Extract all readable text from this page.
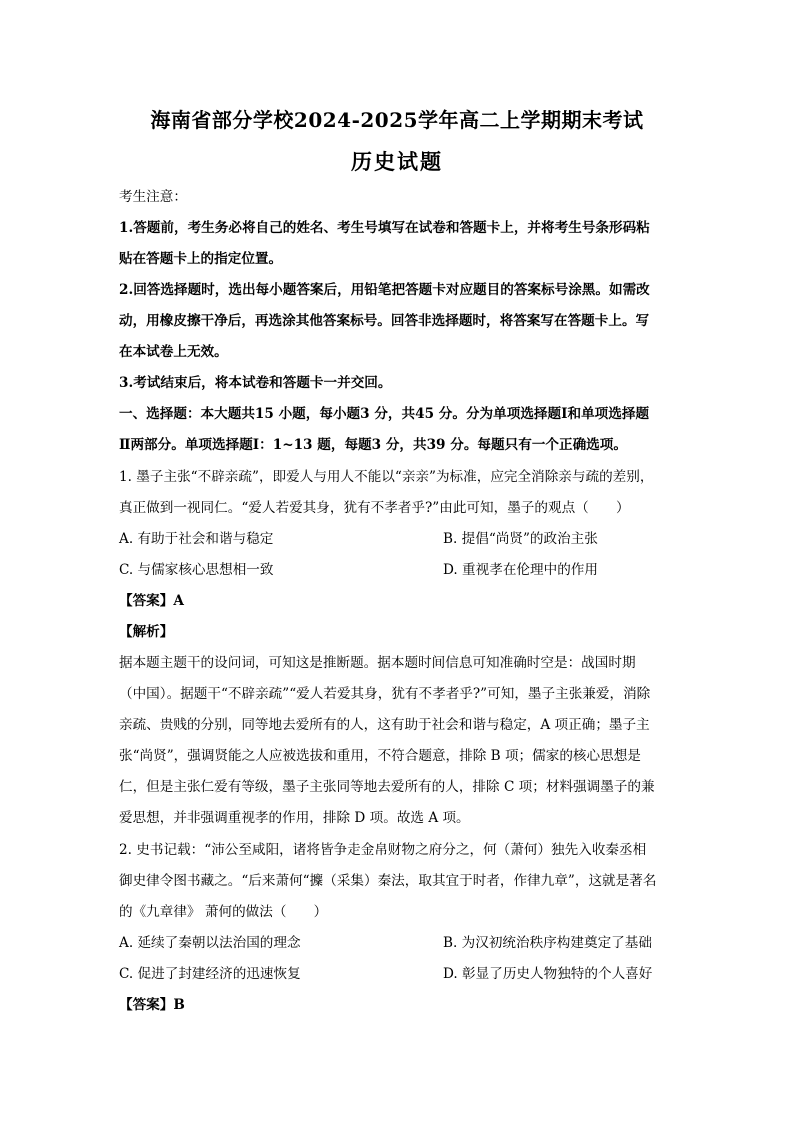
海南省部分学校2024-2025学年高二上学期期末考试
历史试题
考生注意：
1.答题前，考生务必将自己的姓名、考生号填写在试卷和答题卡上，并将考生号条形码粘
贴在答题卡上的指定位置。
2.回答选择题时，选出每小题答案后，用铅笔把答题卡对应题目的答案标号涂黑。如需改
动，用橡皮擦干净后，再选涂其他答案标号。回答非选择题时，将答案写在答题卡上。写
在本试卷上无效。
3.考试结束后，将本试卷和答题卡一并交回。
一、选择题：本大题共15 小题，每小题3 分，共45 分。分为单项选择题Ⅰ和单项选择题
Ⅱ两部分。单项选择题Ⅰ：1~13 题，每题3 分，共39 分。每题只有一个正确选项。
1. 墨子主张“不辟亲疏”，即爱人与用人不能以“亲亲”为标准，应完全消除亲与疏的差别，
真正做到一视同仁。“爱人若爱其身，犹有不孝者乎?”由此可知，墨子的观点（　　）
A. 有助于社会和谐与稳定	B. 提倡“尚贤”的政治主张
C. 与儒家核心思想相一致	D. 重视孝在伦理中的作用
【答案】A
【解析】
据本题主题干的设问词，可知这是推断题。据本题时间信息可知准确时空是：战国时期
（中国）。据题干“不辟亲疏”“爱人若爱其身，犹有不孝者乎?”可知，墨子主张兼爱，消除
亲疏、贵贱的分别，同等地去爱所有的人，这有助于社会和谐与稳定，A 项正确；墨子主
张“尚贤”，强调贤能之人应被选拔和重用，不符合题意，排除 B 项；儒家的核心思想是
仁，但是主张仁爱有等级，墨子主张同等地去爱所有的人，排除 C 项；材料强调墨子的兼
爱思想，并非强调重视孝的作用，排除 D 项。故选 A 项。
2. 史书记载：“沛公至咸阳，诸将皆争走金帛财物之府分之，何（萧何）独先入收秦丞相
御史律令图书藏之。“后来萧何“攈（采集）秦法，取其宜于时者，作律九章”，这就是著名
的《九章律》 萧何的做法（　　）
A. 延续了秦朝以法治国的理念	B. 为汉初统治秩序构建奠定了基础
C. 促进了封建经济的迅速恢复	D. 彰显了历史人物独特的个人喜好
【答案】B
